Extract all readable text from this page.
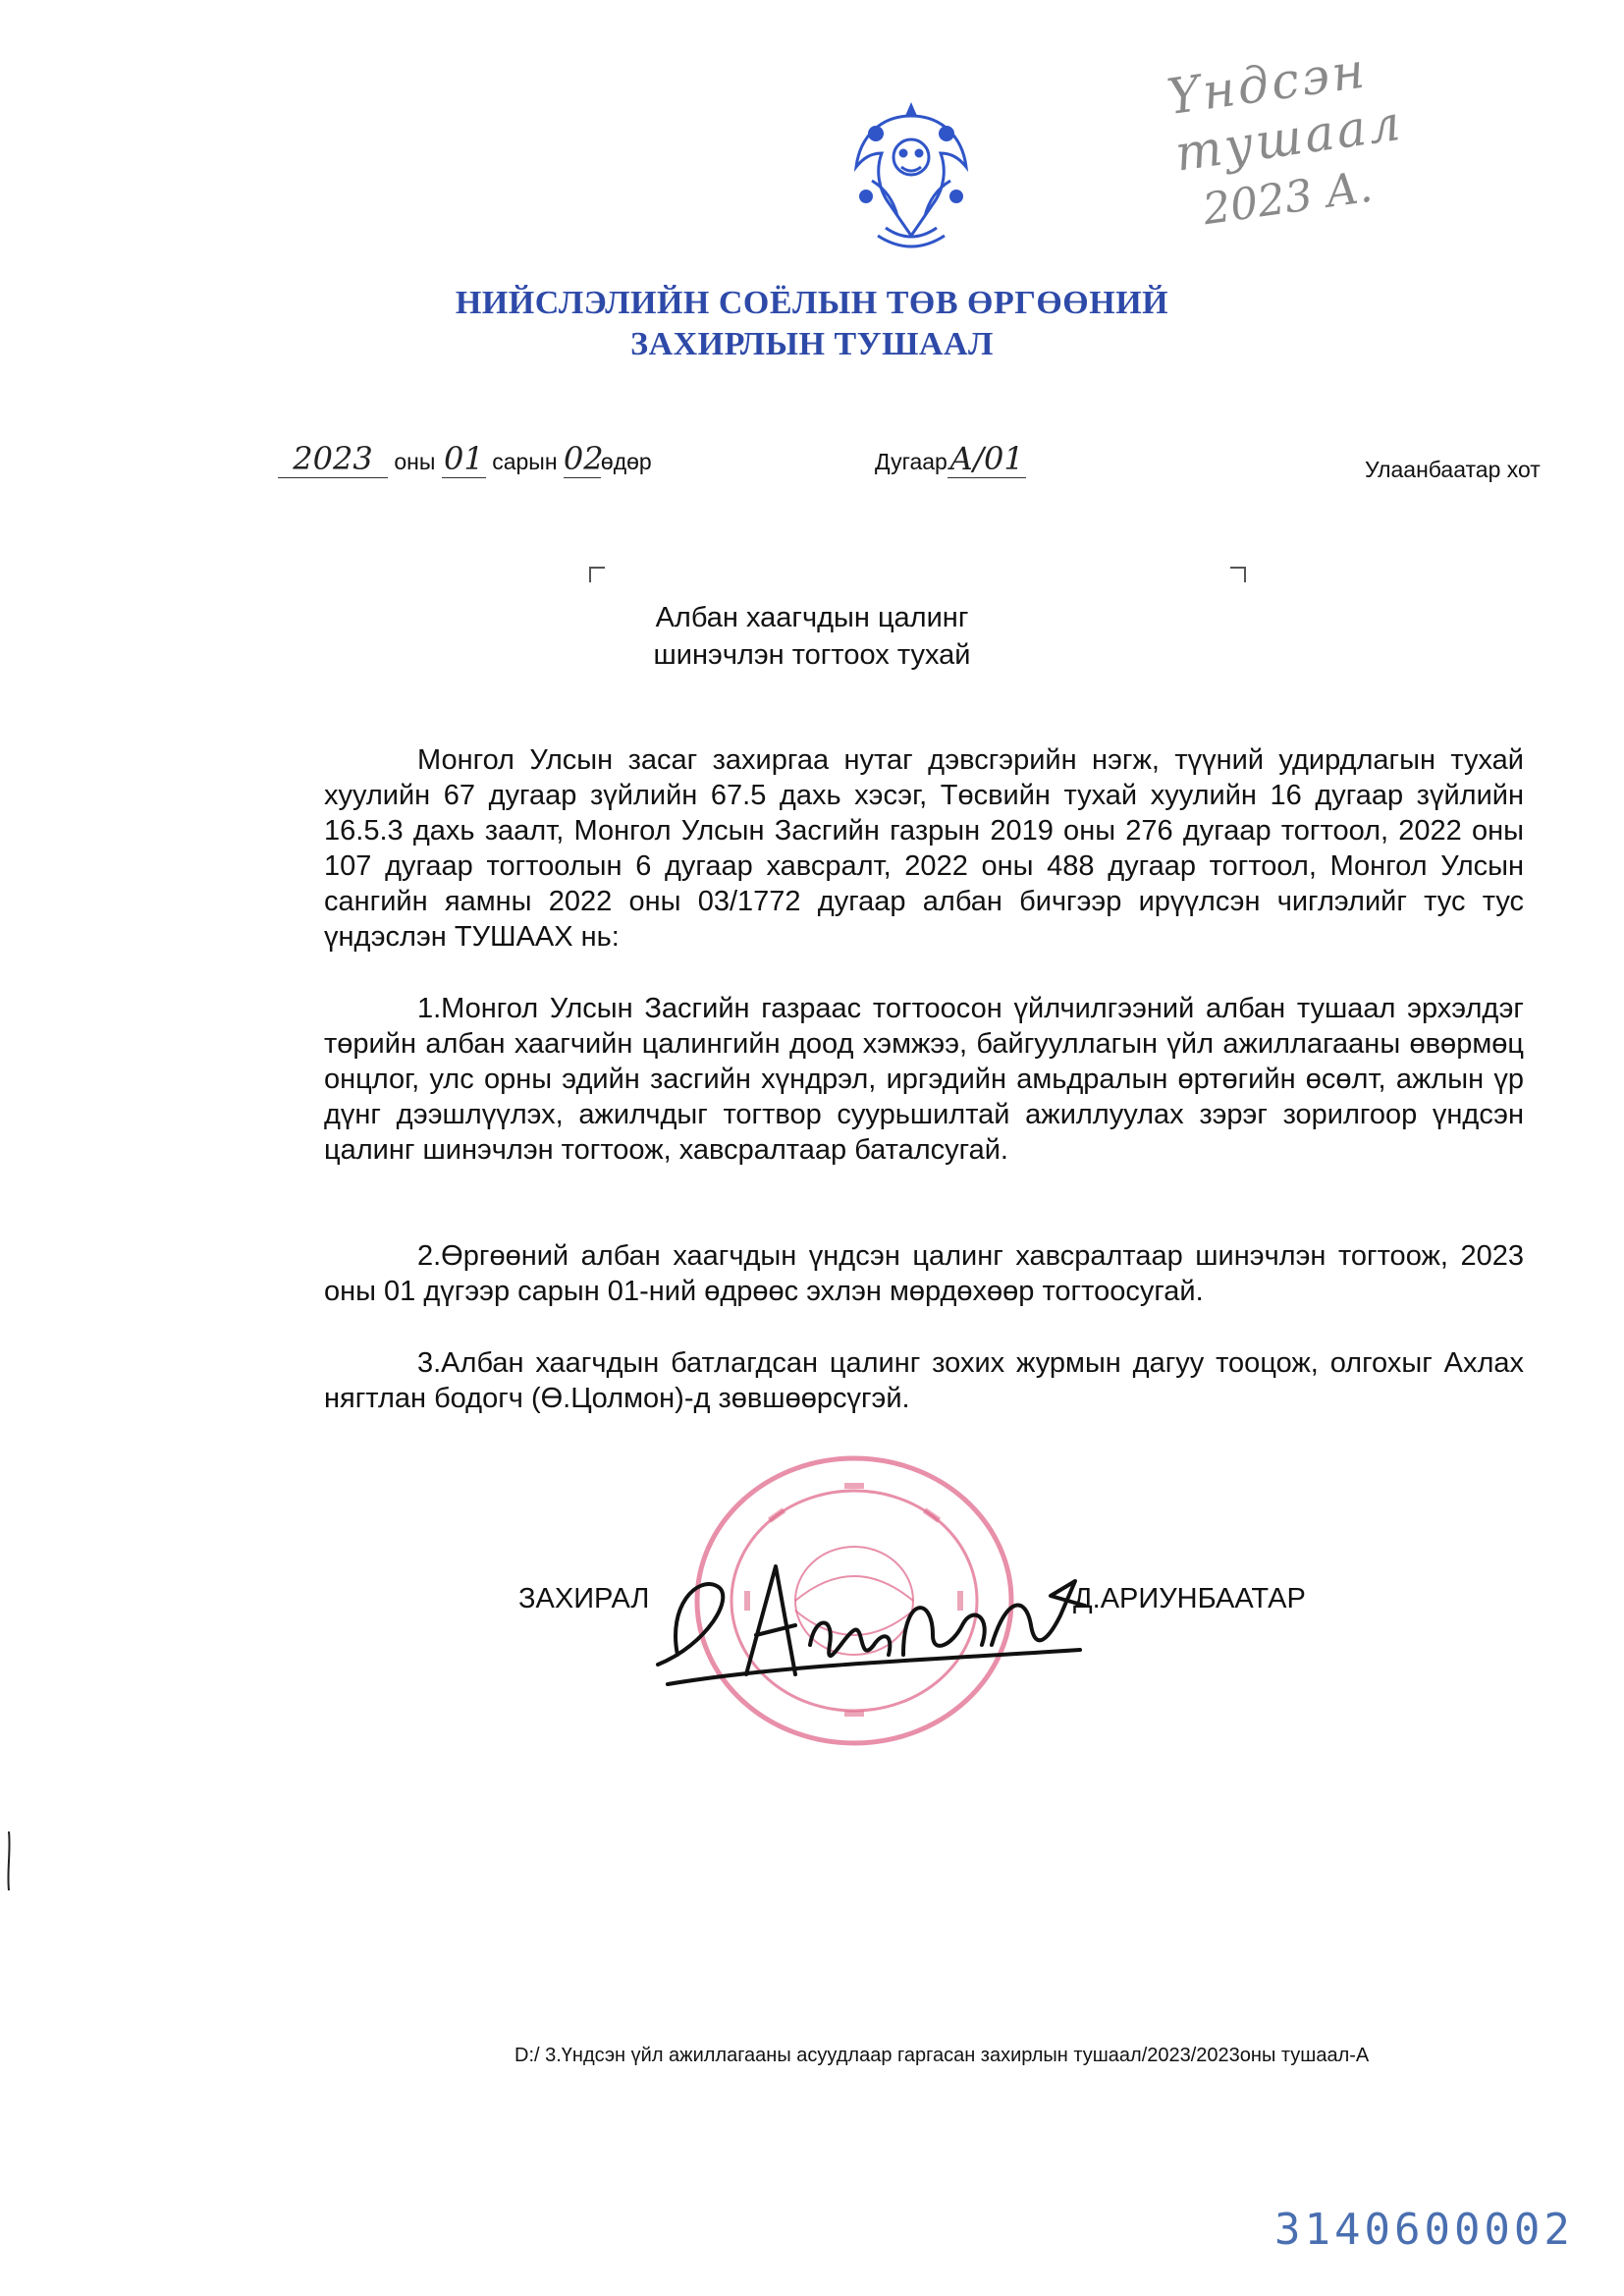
Үндсэн тушаал
2023 А.
НИЙСЛЭЛИЙН СОЁЛЫН ТӨВ ӨРГӨӨНИЙ
ЗАХИРЛЫН ТУШААЛ
2023 оны 01 сарын 02өдөр	ДугаарА/01	Улаанбаатар хот
Албан хаагчдын цалинг
шинэчлэн тогтоох тухай
Монгол Улсын засаг захиргаа нутаг дэвсгэрийн нэгж, түүний удирдлагын тухай хуулийн 67 дугаар зүйлийн 67.5 дахь хэсэг, Төсвийн тухай хуулийн 16 дугаар зүйлийн 16.5.3 дахь заалт, Монгол Улсын Засгийн газрын 2019 оны 276 дугаар тогтоол, 2022 оны 107 дугаар тогтоолын 6 дугаар хавсралт, 2022 оны 488 дугаар тогтоол, Монгол Улсын сангийн яамны 2022 оны 03/1772 дугаар албан бичгээр ирүүлсэн чиглэлийг тус тус үндэслэн ТУШААХ нь:
1.Монгол Улсын Засгийн газраас тогтоосон үйлчилгээний албан тушаал эрхэлдэг төрийн албан хаагчийн цалингийн доод хэмжээ, байгууллагын үйл ажиллагааны өвөрмөц онцлог, улс орны эдийн засгийн хүндрэл, иргэдийн амьдралын өртөгийн өсөлт, ажлын үр дүнг дээшлүүлэх, ажилчдыг тогтвор суурьшилтай ажиллуулах зэрэг зорилгоор үндсэн цалинг шинэчлэн тогтоож, хавсралтаар баталсугай.
2.Өргөөний албан хаагчдын үндсэн цалинг хавсралтаар шинэчлэн тогтоож, 2023 оны 01 дүгээр сарын 01-ний өдрөөс эхлэн мөрдөхөөр тогтоосугай.
3.Албан хаагчдын батлагдсан цалинг зохих журмын дагуу тооцож, олгохыг Ахлах нягтлан бодогч (Ө.Цолмон)-д зөвшөөрсүгэй.
ЗАХИРАЛ	Д.АРИУНБААТАР
D:/ 3.Үндсэн үйл ажиллагааны асуудлаар гаргасан захирлын тушаал/2023/2023оны тушаал-А
3140600002
